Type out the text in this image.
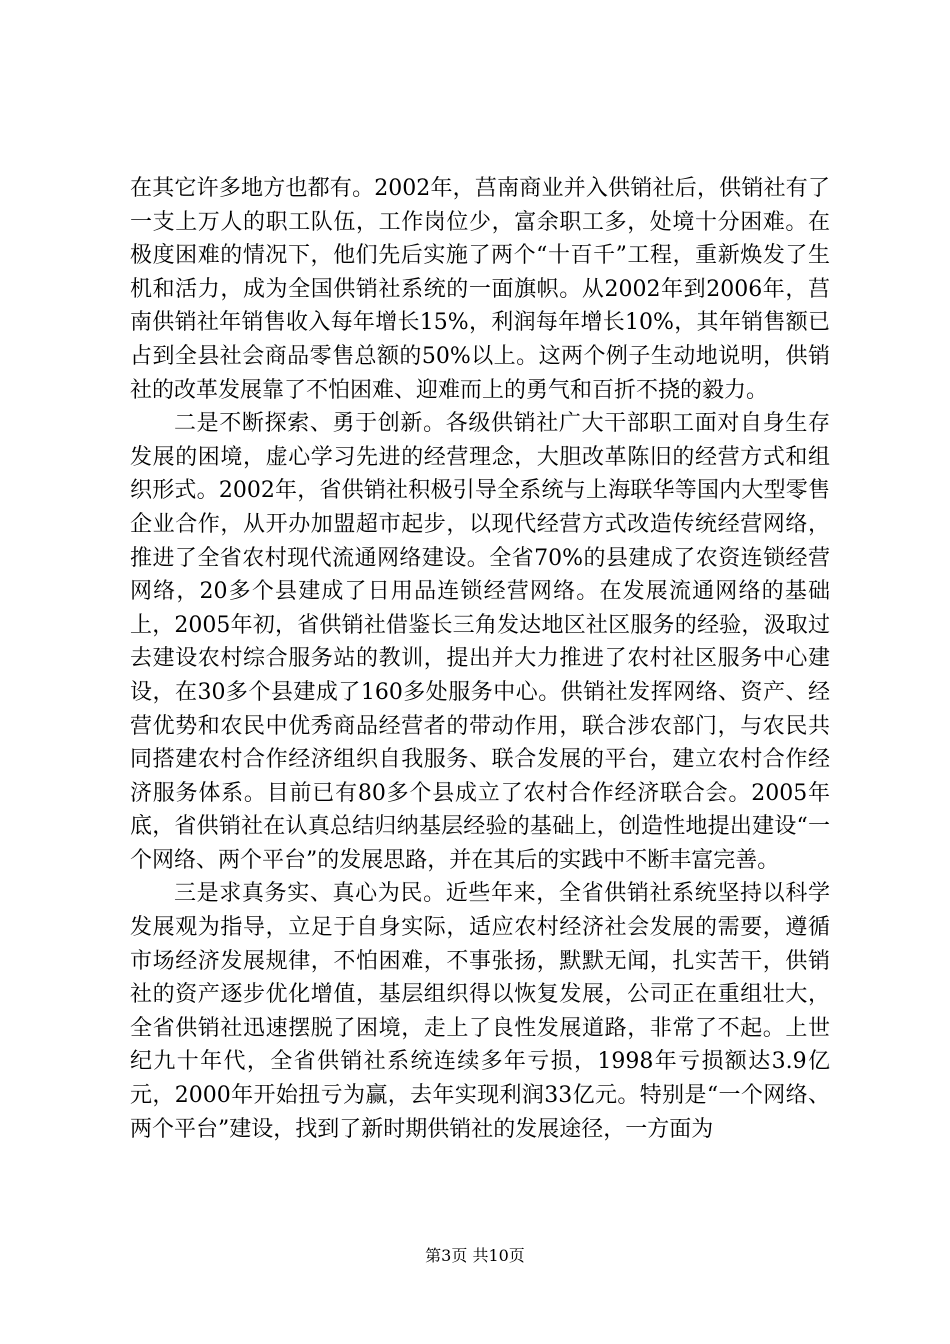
在其它许多地方也都有。2002年，莒南商业并入供销社后，供销社有了一支上万人的职工队伍，工作岗位少，富余职工多，处境十分困难。在极度困难的情况下，他们先后实施了两个“十百千”工程，重新焕发了生机和活力，成为全国供销社系统的一面旗帜。从2002年到2006年，莒南供销社年销售收入每年增长15%，利润每年增长10%，其年销售额已占到全县社会商品零售总额的50%以上。这两个例子生动地说明，供销社的改革发展靠了不怕困难、迎难而上的勇气和百折不挠的毅力。

二是不断探索、勇于创新。各级供销社广大干部职工面对自身生存发展的困境，虚心学习先进的经营理念，大胆改革陈旧的经营方式和组织形式。2002年，省供销社积极引导全系统与上海联华等国内大型零售企业合作，从开办加盟超市起步，以现代经营方式改造传统经营网络，推进了全省农村现代流通网络建设。全省70%的县建成了农资连锁经营网络，20多个县建成了日用品连锁经营网络。在发展流通网络的基础上，2005年初，省供销社借鉴长三角发达地区社区服务的经验，汲取过去建设农村综合服务站的教训，提出并大力推进了农村社区服务中心建设，在30多个县建成了160多处服务中心。供销社发挥网络、资产、经营优势和农民中优秀商品经营者的带动作用，联合涉农部门，与农民共同搭建农村合作经济组织自我服务、联合发展的平台，建立农村合作经济服务体系。目前已有80多个县成立了农村合作经济联合会。2005年底，省供销社在认真总结归纳基层经验的基础上，创造性地提出建设“一个网络、两个平台”的发展思路，并在其后的实践中不断丰富完善。

三是求真务实、真心为民。近些年来，全省供销社系统坚持以科学发展观为指导，立足于自身实际，适应农村经济社会发展的需要，遵循市场经济发展规律，不怕困难，不事张扬，默默无闻，扎实苦干，供销社的资产逐步优化增值，基层组织得以恢复发展，公司正在重组壮大，全省供销社迅速摆脱了困境，走上了良性发展道路，非常了不起。上世纪九十年代，全省供销社系统连续多年亏损，1998年亏损额达3.9亿元，2000年开始扭亏为赢，去年实现利润33亿元。特别是“一个网络、两个平台”建设，找到了新时期供销社的发展途径，一方面为

第3页 共10页
